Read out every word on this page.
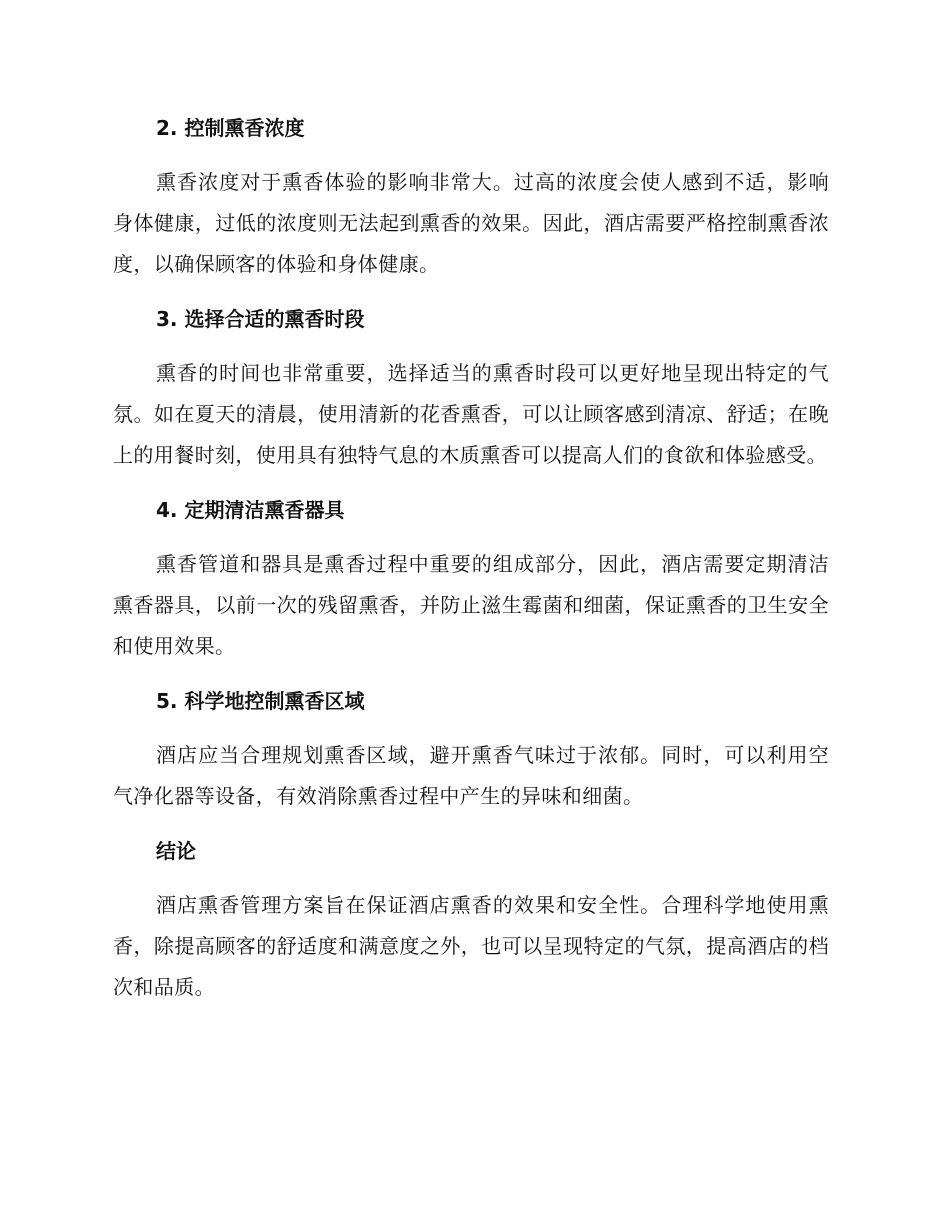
2. 控制熏香浓度

熏香浓度对于熏香体验的影响非常大。过高的浓度会使人感到不适，影响身体健康，过低的浓度则无法起到熏香的效果。因此，酒店需要严格控制熏香浓度，以确保顾客的体验和身体健康。

3. 选择合适的熏香时段

熏香的时间也非常重要，选择适当的熏香时段可以更好地呈现出特定的气氛。如在夏天的清晨，使用清新的花香熏香，可以让顾客感到清凉、舒适；在晚上的用餐时刻，使用具有独特气息的木质熏香可以提高人们的食欲和体验感受。

4. 定期清洁熏香器具

熏香管道和器具是熏香过程中重要的组成部分，因此，酒店需要定期清洁熏香器具，以前一次的残留熏香，并防止滋生霉菌和细菌，保证熏香的卫生安全和使用效果。

5. 科学地控制熏香区域

酒店应当合理规划熏香区域，避开熏香气味过于浓郁。同时，可以利用空气净化器等设备，有效消除熏香过程中产生的异味和细菌。

结论

酒店熏香管理方案旨在保证酒店熏香的效果和安全性。合理科学地使用熏香，除提高顾客的舒适度和满意度之外，也可以呈现特定的气氛，提高酒店的档次和品质。
